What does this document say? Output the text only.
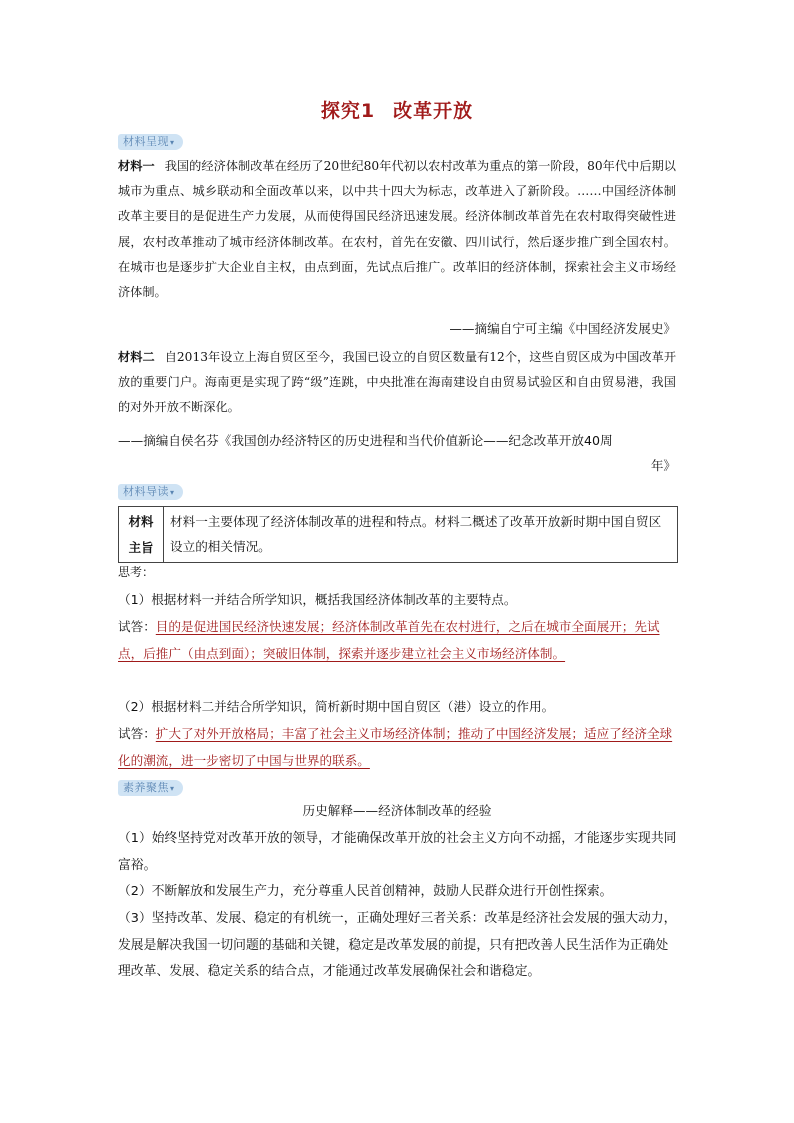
探究1 改革开放
材料呈现 ▾

材料一 我国的经济体制改革在经历了20世纪80年代初以农村改革为重点的第一阶段，80年代中后期以城市为重点、城乡联动和全面改革以来，以中共十四大为标志，改革进入了新阶段。……中国经济体制改革主要目的是促进生产力发展，从而使得国民经济迅速发展。经济体制改革首先在农村取得突破性进展，农村改革推动了城市经济体制改革。在农村，首先在安徽、四川试行，然后逐步推广到全国农村。在城市也是逐步扩大企业自主权，由点到面，先试点后推广。改革旧的经济体制，探索社会主义市场经济体制。

——摘编自宁可主编《中国经济发展史》

材料二 自2013年设立上海自贸区至今，我国已设立的自贸区数量有12个，这些自贸区成为中国改革开放的重要门户。海南更是实现了跨“级”连跳，中央批准在海南建设自由贸易试验区和自由贸易港，我国的对外开放不断深化。

——摘编自侯名芬《我国创办经济特区的历史进程和当代价值新论——纪念改革开放40周
年》
材料导读 ▾
材料
主旨
材料一主要体现了经济体制改革的进程和特点。材料二概述了改革开放新时期中国自贸区设立的相关情况。
思考：

（1）根据材料一并结合所学知识，概括我国经济体制改革的主要特点。

试答：目的是促进国民经济快速发展；经济体制改革首先在农村进行，之后在城市全面展开；先试点，后推广（由点到面）；突破旧体制，探索并逐步建立社会主义市场经济体制。

（2）根据材料二并结合所学知识，简析新时期中国自贸区（港）设立的作用。

试答：扩大了对外开放格局；丰富了社会主义市场经济体制；推动了中国经济发展；适应了经济全球化的潮流，进一步密切了中国与世界的联系。

素养聚焦 ▾
历史解释——经济体制改革的经验

（1）始终坚持党对改革开放的领导，才能确保改革开放的社会主义方向不动摇，才能逐步实现共同富裕。

（2）不断解放和发展生产力，充分尊重人民首创精神，鼓励人民群众进行开创性探索。

（3）坚持改革、发展、稳定的有机统一，正确处理好三者关系：改革是经济社会发展的强大动力，发展是解决我国一切问题的基础和关键，稳定是改革发展的前提，只有把改善人民生活作为正确处理改革、发展、稳定关系的结合点，才能通过改革发展确保社会和谐稳定。
